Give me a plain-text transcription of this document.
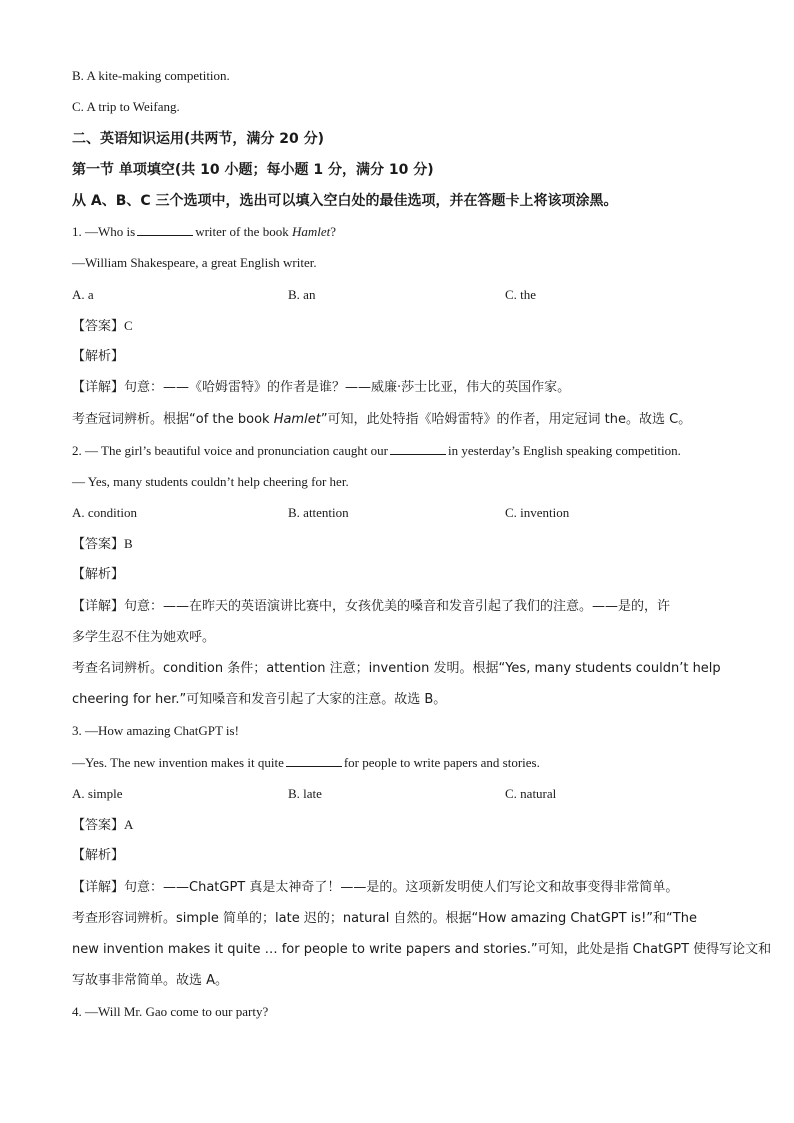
B. A kite-making competition.
C. A trip to Weifang.
二、英语知识运用(共两节，满分 20 分)
第一节 单项填空(共 10 小题；每小题 1 分，满分 10 分)
从 A、B、C 三个选项中，选出可以填入空白处的最佳选项，并在答题卡上将该项涂黑。
1. —Who is	writer of the book Hamlet?
—William Shakespeare, a great English writer.
A. a	B. an	C. the
【答案】C
【解析】
【详解】句意：——《哈姆雷特》的作者是谁？——威廉·莎士比亚，伟大的英国作家。
考查冠词辨析。根据“of the book Hamlet”可知，此处特指《哈姆雷特》的作者，用定冠词 the。故选 C。
2. — The girl’s beautiful voice and pronunciation caught our	in yesterday’s English speaking competition.
— Yes, many students couldn’t help cheering for her.
A. condition	B. attention	C. invention
【答案】B
【解析】
【详解】句意：——在昨天的英语演讲比赛中，女孩优美的嗓音和发音引起了我们的注意。——是的，许
多学生忍不住为她欢呼。
考查名词辨析。condition 条件；attention 注意；invention 发明。根据“Yes, many students couldn’t help
cheering for her.”可知嗓音和发音引起了大家的注意。故选 B。
3. —How amazing ChatGPT is!
—Yes. The new invention makes it quite	for people to write papers and stories.
A. simple	B. late	C. natural
【答案】A
【解析】
【详解】句意：——ChatGPT 真是太神奇了！——是的。这项新发明使人们写论文和故事变得非常简单。
考查形容词辨析。simple 简单的；late 迟的；natural 自然的。根据“How amazing ChatGPT is!”和“The
new invention makes it quite … for people to write papers and stories.”可知，此处是指 ChatGPT 使得写论文和
写故事非常简单。故选 A。
4. —Will Mr. Gao come to our party?
